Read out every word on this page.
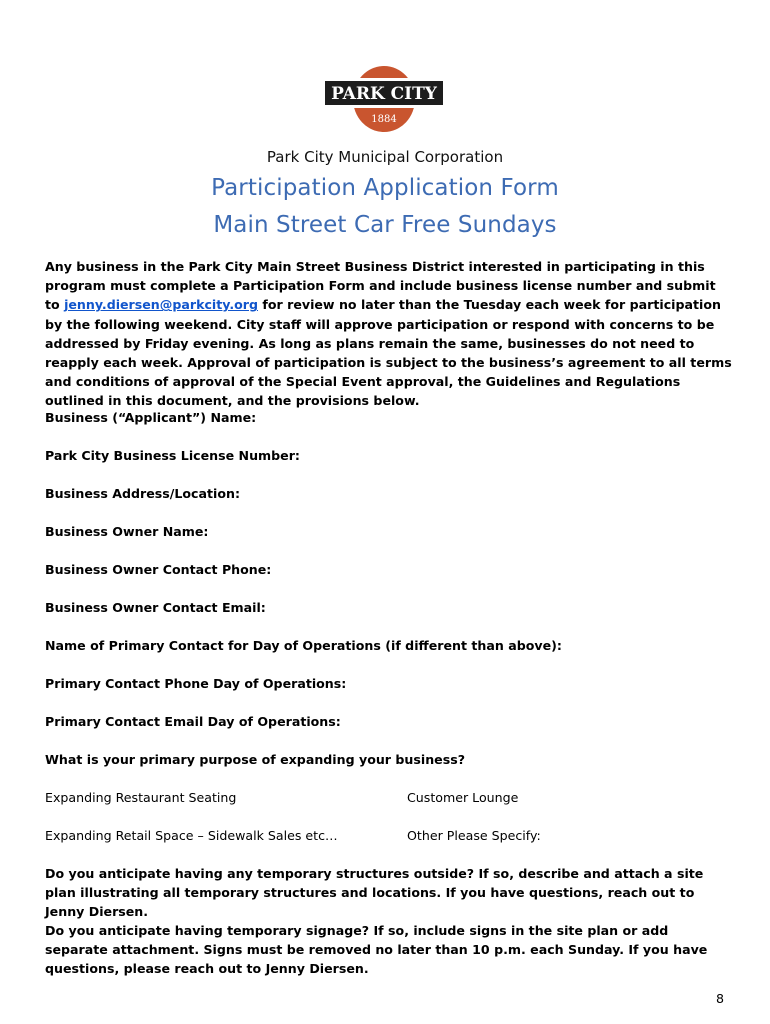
PARK CITY
1884
Park City Municipal Corporation
Participation Application Form
Main Street Car Free Sundays
Any business in the Park City Main Street Business District interested in participating in this program must complete a Participation Form and include business license number and submit to jenny.diersen@parkcity.org for review no later than the Tuesday each week for participation by the following weekend. City staff will approve participation or respond with concerns to be addressed by Friday evening. As long as plans remain the same, businesses do not need to reapply each week. Approval of participation is subject to the business’s agreement to all terms and conditions of approval of the Special Event approval, the Guidelines and Regulations outlined in this document, and the provisions below.
Business (“Applicant”) Name:
Park City Business License Number:
Business Address/Location:
Business Owner Name:
Business Owner Contact Phone:
Business Owner Contact Email:
Name of Primary Contact for Day of Operations (if different than above):
Primary Contact Phone Day of Operations:
Primary Contact Email Day of Operations:
What is your primary purpose of expanding your business?
Expanding Restaurant Seating	Customer Lounge
Expanding Retail Space – Sidewalk Sales etc…	Other Please Specify:
Do you anticipate having any temporary structures outside? If so, describe and attach a site plan illustrating all temporary structures and locations. If you have questions, reach out to Jenny Diersen.
Do you anticipate having temporary signage? If so, include signs in the site plan or add separate attachment. Signs must be removed no later than 10 p.m. each Sunday. If you have questions, please reach out to Jenny Diersen.
8
